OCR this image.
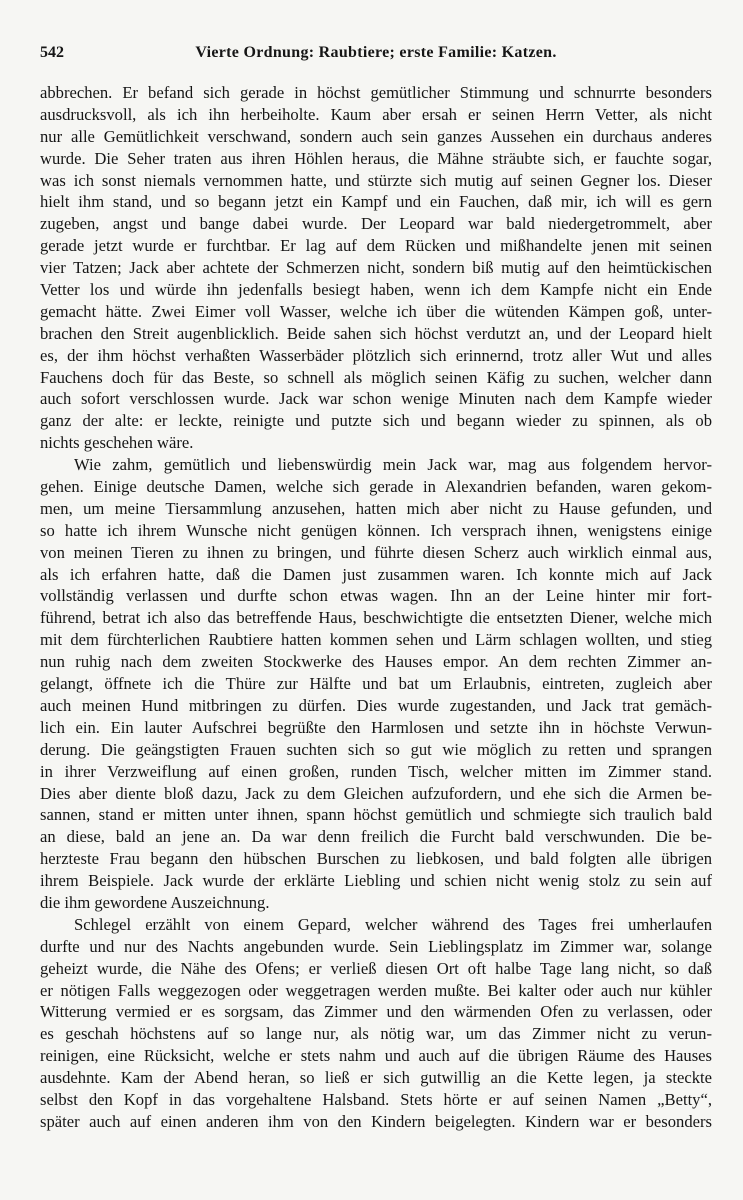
542	Vierte Ordnung: Raubtiere; erste Familie: Katzen.
abbrechen. Er befand sich gerade in höchst gemütlicher Stimmung und schnurrte besonders
ausdrucksvoll, als ich ihn herbeiholte. Kaum aber ersah er seinen Herrn Vetter, als nicht
nur alle Gemütlichkeit verschwand, sondern auch sein ganzes Aussehen ein durchaus anderes
wurde. Die Seher traten aus ihren Höhlen heraus, die Mähne sträubte sich, er fauchte sogar,
was ich sonst niemals vernommen hatte, und stürzte sich mutig auf seinen Gegner los. Dieser
hielt ihm stand, und so begann jetzt ein Kampf und ein Fauchen, daß mir, ich will es gern
zugeben, angst und bange dabei wurde. Der Leopard war bald niedergetrommelt, aber
gerade jetzt wurde er furchtbar. Er lag auf dem Rücken und mißhandelte jenen mit seinen
vier Tatzen; Jack aber achtete der Schmerzen nicht, sondern biß mutig auf den heimtückischen
Vetter los und würde ihn jedenfalls besiegt haben, wenn ich dem Kampfe nicht ein Ende
gemacht hätte. Zwei Eimer voll Wasser, welche ich über die wütenden Kämpen goß, unter-
brachen den Streit augenblicklich. Beide sahen sich höchst verdutzt an, und der Leopard hielt
es, der ihm höchst verhaßten Wasserbäder plötzlich sich erinnernd, trotz aller Wut und alles
Fauchens doch für das Beste, so schnell als möglich seinen Käfig zu suchen, welcher dann
auch sofort verschlossen wurde. Jack war schon wenige Minuten nach dem Kampfe wieder
ganz der alte: er leckte, reinigte und putzte sich und begann wieder zu spinnen, als ob
nichts geschehen wäre.
Wie zahm, gemütlich und liebenswürdig mein Jack war, mag aus folgendem hervor-
gehen. Einige deutsche Damen, welche sich gerade in Alexandrien befanden, waren gekom-
men, um meine Tiersammlung anzusehen, hatten mich aber nicht zu Hause gefunden, und
so hatte ich ihrem Wunsche nicht genügen können. Ich versprach ihnen, wenigstens einige
von meinen Tieren zu ihnen zu bringen, und führte diesen Scherz auch wirklich einmal aus,
als ich erfahren hatte, daß die Damen just zusammen waren. Ich konnte mich auf Jack
vollständig verlassen und durfte schon etwas wagen. Ihn an der Leine hinter mir fort-
führend, betrat ich also das betreffende Haus, beschwichtigte die entsetzten Diener, welche mich
mit dem fürchterlichen Raubtiere hatten kommen sehen und Lärm schlagen wollten, und stieg
nun ruhig nach dem zweiten Stockwerke des Hauses empor. An dem rechten Zimmer an-
gelangt, öffnete ich die Thüre zur Hälfte und bat um Erlaubnis, eintreten, zugleich aber
auch meinen Hund mitbringen zu dürfen. Dies wurde zugestanden, und Jack trat gemäch-
lich ein. Ein lauter Aufschrei begrüßte den Harmlosen und setzte ihn in höchste Verwun-
derung. Die geängstigten Frauen suchten sich so gut wie möglich zu retten und sprangen
in ihrer Verzweiflung auf einen großen, runden Tisch, welcher mitten im Zimmer stand.
Dies aber diente bloß dazu, Jack zu dem Gleichen aufzufordern, und ehe sich die Armen be-
sannen, stand er mitten unter ihnen, spann höchst gemütlich und schmiegte sich traulich bald
an diese, bald an jene an. Da war denn freilich die Furcht bald verschwunden. Die be-
herzteste Frau begann den hübschen Burschen zu liebkosen, und bald folgten alle übrigen
ihrem Beispiele. Jack wurde der erklärte Liebling und schien nicht wenig stolz zu sein auf
die ihm gewordene Auszeichnung.
Schlegel erzählt von einem Gepard, welcher während des Tages frei umherlaufen
durfte und nur des Nachts angebunden wurde. Sein Lieblingsplatz im Zimmer war, solange
geheizt wurde, die Nähe des Ofens; er verließ diesen Ort oft halbe Tage lang nicht, so daß
er nötigen Falls weggezogen oder weggetragen werden mußte. Bei kalter oder auch nur kühler
Witterung vermied er es sorgsam, das Zimmer und den wärmenden Ofen zu verlassen, oder
es geschah höchstens auf so lange nur, als nötig war, um das Zimmer nicht zu verun-
reinigen, eine Rücksicht, welche er stets nahm und auch auf die übrigen Räume des Hauses
ausdehnte. Kam der Abend heran, so ließ er sich gutwillig an die Kette legen, ja steckte
selbst den Kopf in das vorgehaltene Halsband. Stets hörte er auf seinen Namen „Betty“,
später auch auf einen anderen ihm von den Kindern beigelegten. Kindern war er besonders
